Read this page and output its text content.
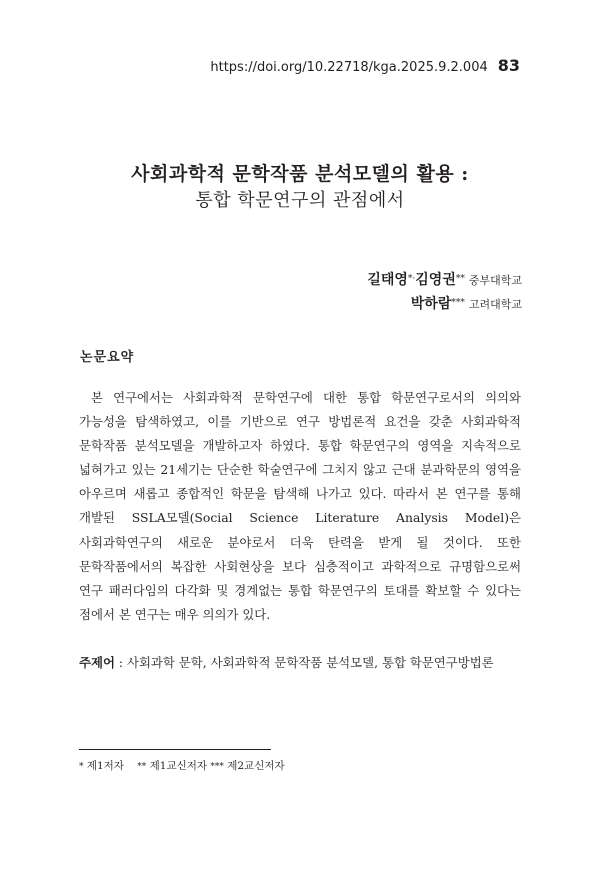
https://doi.org/10.22718/kga.2025.9.2.004 83
사회과학적 문학작품 분석모델의 활용 :
통합 학문연구의 관점에서
길태영*·김영권** 중부대학교
박하람*** 고려대학교
논문요약

본 연구에서는 사회과학적 문학연구에 대한 통합 학문연구로서의 의의와 가능성을 탐색하였고, 이를 기반으로 연구 방법론적 요건을 갖춘 사회과학적 문학작품 분석모델을 개발하고자 하였다. 통합 학문연구의 영역을 지속적으로 넓혀가고 있는 21세기는 단순한 학술연구에 그치지 않고 근대 분과학문의 영역을 아우르며 새롭고 종합적인 학문을 탐색해 나가고 있다. 따라서 본 연구를 통해 개발된 SSLA모델(Social Science Literature Analysis Model)은 사회과학연구의 새로운 분야로서 더욱 탄력을 받게 될 것이다. 또한 문학작품에서의 복잡한 사회현상을 보다 심층적이고 과학적으로 규명함으로써 연구 패러다임의 다각화 및 경계없는 통합 학문연구의 토대를 확보할 수 있다는 점에서 본 연구는 매우 의의가 있다.

주제어 : 사회과학 문학, 사회과학적 문학작품 분석모델, 통합 학문연구방법론
* 제1저자 ** 제1교신저자 *** 제2교신저자
